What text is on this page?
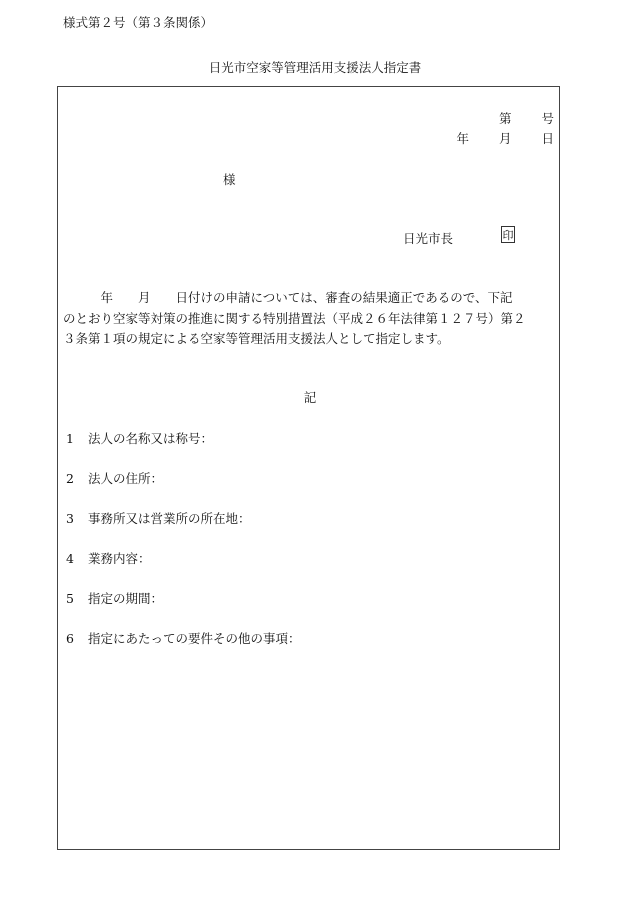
様式第２号（第３条関係）
日光市空家等管理活用支援法人指定書
第 号
年 月 日
様
日光市長	印
　　　年　　月　　日付けの申請については、審査の結果適正であるので、下記
のとおり空家等対策の推進に関する特別措置法（平成２６年法律第１２７号）第２
３条第１項の規定による空家等管理活用支援法人として指定します。
記
1 法人の名称又は称号：
2 法人の住所：
3 事務所又は営業所の所在地：
4 業務内容：
5 指定の期間：
6 指定にあたっての要件その他の事項：
